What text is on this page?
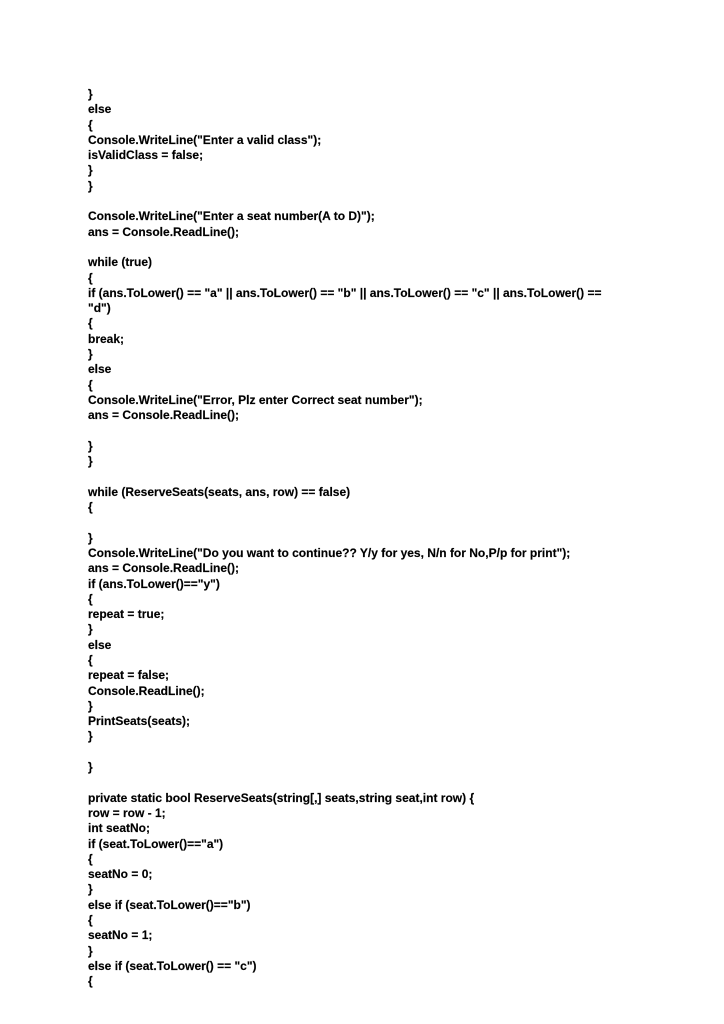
}
else
{
Console.WriteLine("Enter a valid class");
isValidClass = false;
}
}
Console.WriteLine("Enter a seat number(A to D)");
ans = Console.ReadLine();
while (true)
{
if (ans.ToLower() == "a" || ans.ToLower() == "b" || ans.ToLower() == "c" || ans.ToLower() ==
"d")
{
break;
}
else
{
Console.WriteLine("Error, Plz enter Correct seat number");
ans = Console.ReadLine();
}
}
while (ReserveSeats(seats, ans, row) == false)
{
}
Console.WriteLine("Do you want to continue?? Y/y for yes, N/n for No,P/p for print");
ans = Console.ReadLine();
if (ans.ToLower()=="y")
{
repeat = true;
}
else
{
repeat = false;
Console.ReadLine();
}
PrintSeats(seats);
}
}
private static bool ReserveSeats(string[,] seats,string seat,int row) {
row = row - 1;
int seatNo;
if (seat.ToLower()=="a")
{
seatNo = 0;
}
else if (seat.ToLower()=="b")
{
seatNo = 1;
}
else if (seat.ToLower() == "c")
{
